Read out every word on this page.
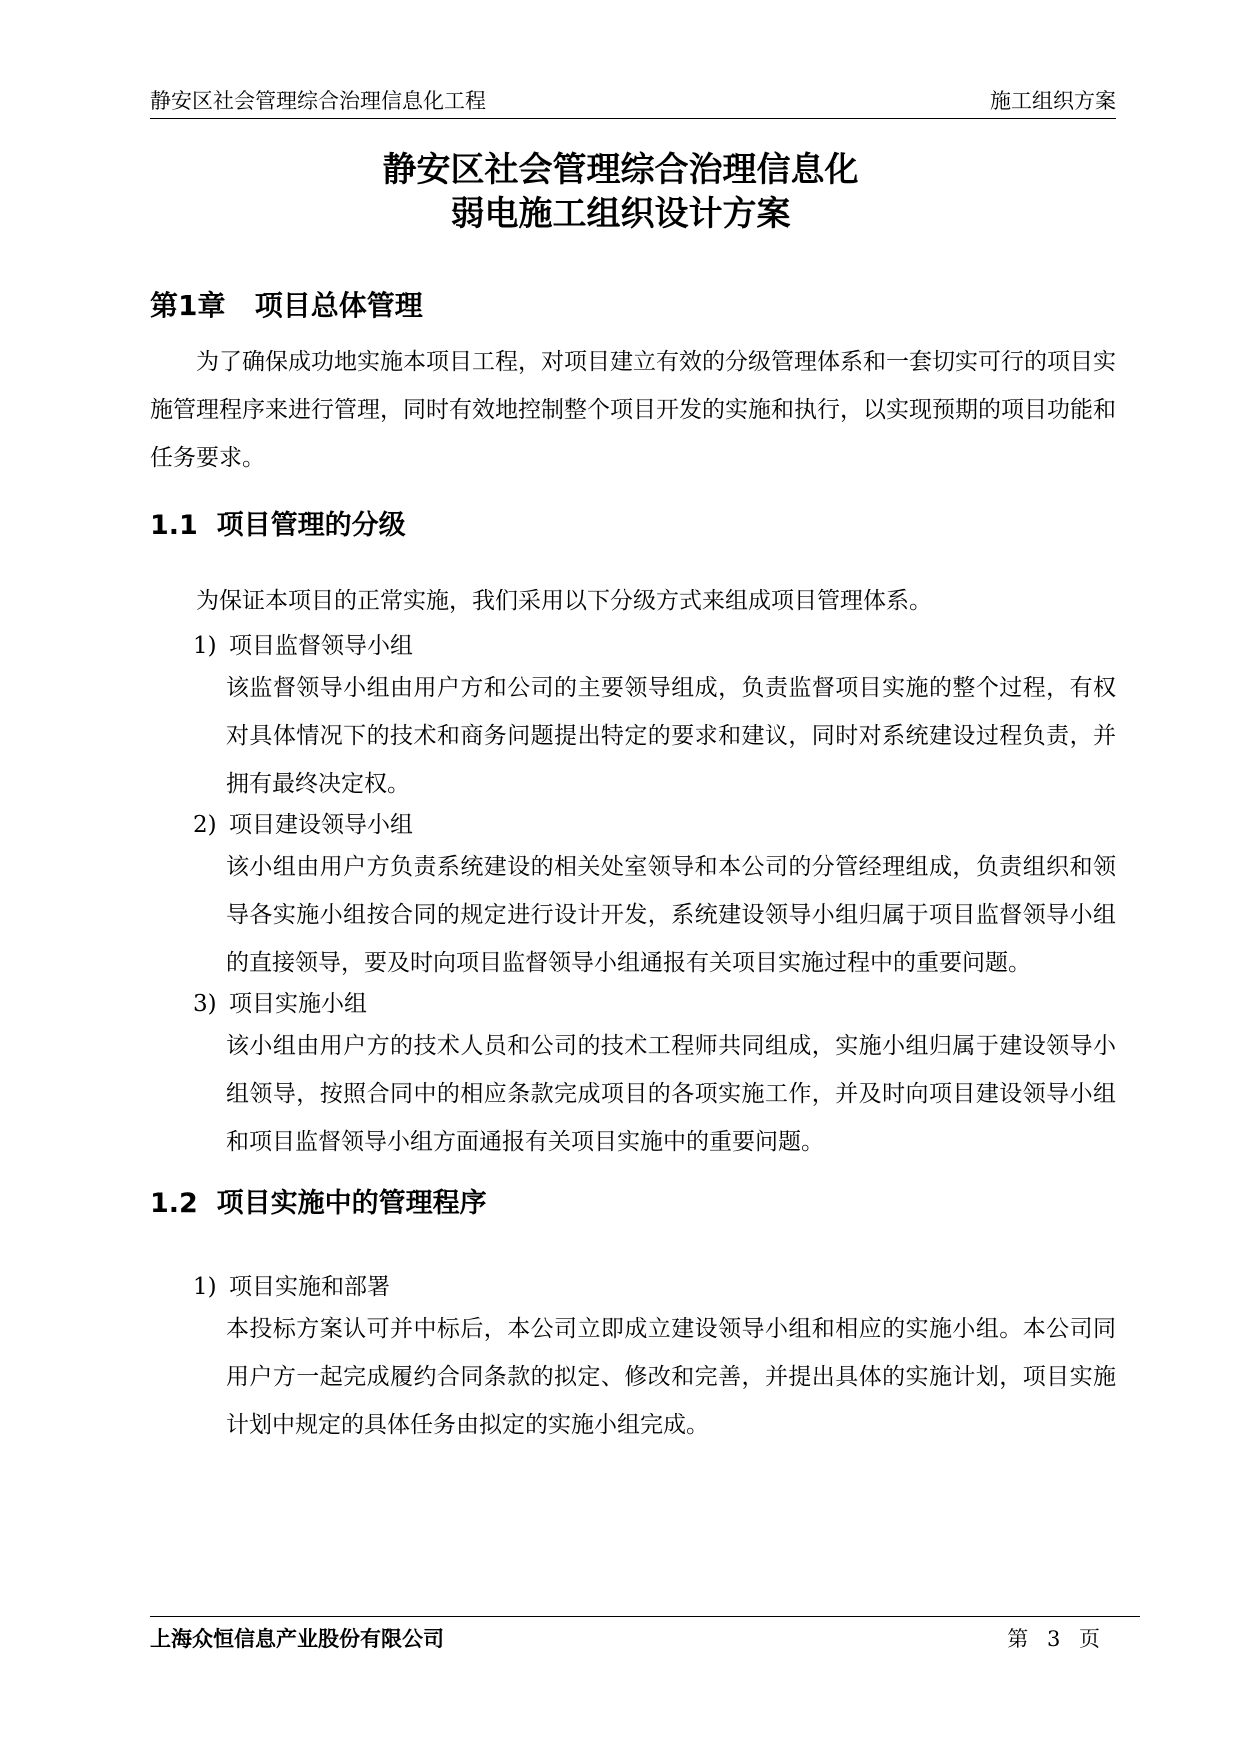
静安区社会管理综合治理信息化工程	施工组织方案
静安区社会管理综合治理信息化
弱电施工组织设计方案
第1章   项目总体管理
为了确保成功地实施本项目工程，对项目建立有效的分级管理体系和一套切实可行的项目实施管理程序来进行管理，同时有效地控制整个项目开发的实施和执行，以实现预期的项目功能和任务要求。
1.1  项目管理的分级
为保证本项目的正常实施，我们采用以下分级方式来组成项目管理体系。
1) 项目监督领导小组
该监督领导小组由用户方和公司的主要领导组成，负责监督项目实施的整个过程，有权对具体情况下的技术和商务问题提出特定的要求和建议，同时对系统建设过程负责，并拥有最终决定权。
2) 项目建设领导小组
该小组由用户方负责系统建设的相关处室领导和本公司的分管经理组成，负责组织和领导各实施小组按合同的规定进行设计开发，系统建设领导小组归属于项目监督领导小组的直接领导，要及时向项目监督领导小组通报有关项目实施过程中的重要问题。
3) 项目实施小组
该小组由用户方的技术人员和公司的技术工程师共同组成，实施小组归属于建设领导小组领导，按照合同中的相应条款完成项目的各项实施工作，并及时向项目建设领导小组和项目监督领导小组方面通报有关项目实施中的重要问题。
1.2  项目实施中的管理程序
1) 项目实施和部署
本投标方案认可并中标后，本公司立即成立建设领导小组和相应的实施小组。本公司同用户方一起完成履约合同条款的拟定、修改和完善，并提出具体的实施计划，项目实施计划中规定的具体任务由拟定的实施小组完成。
上海众恒信息产业股份有限公司	第 3 页
